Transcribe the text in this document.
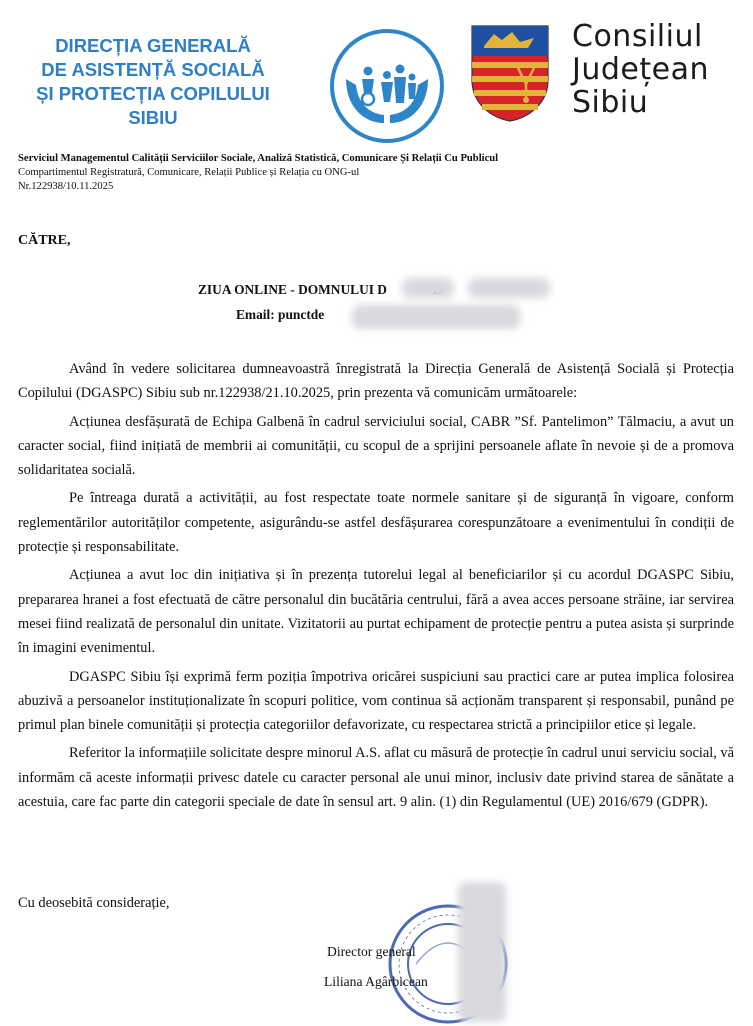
DIRECȚIA GENERALĂ
DE ASISTENȚĂ SOCIALĂ
ȘI PROTECȚIA COPILULUI
SIBIU
Consiliul
Județean
Sibiu
Serviciul Managementul Calității Serviciilor Sociale, Analiză Statistică, Comunicare Și Relații Cu Publicul
Compartimentul Registratură, Comunicare, Relații Publice și Relația cu ONG-ul
Nr.122938/10.11.2025
CĂTRE,
ZIUA ONLINE - DOMNULUI D
Email: punctde

Având în vedere solicitarea dumneavoastră înregistrată la Direcția Generală de Asistență Socială și Protecția Copilului (DGASPC) Sibiu sub nr.122938/21.10.2025, prin prezenta vă comunicăm următoarele:

Acțiunea desfășurată de Echipa Galbenă în cadrul serviciului social, CABR ”Sf. Pantelimon” Tălmaciu, a avut un caracter social, fiind inițiată de membrii ai comunității, cu scopul de a sprijini persoanele aflate în nevoie și de a promova solidaritatea socială.

Pe întreaga durată a activității, au fost respectate toate normele sanitare și de siguranță în vigoare, conform reglementărilor autorităților competente, asigurându-se astfel desfășurarea corespunzătoare a evenimentului în condiții de protecție și responsabilitate.

Acțiunea a avut loc din inițiativa și în prezența tutorelui legal al beneficiarilor și cu acordul DGASPC Sibiu, prepararea hranei a fost efectuată de către personalul din bucătăria centrului, fără a avea acces persoane străine, iar servirea mesei fiind realizată de personalul din unitate. Vizitatorii au purtat echipament de protecție pentru a putea asista și surprinde în imagini evenimentul.

DGASPC Sibiu își exprimă ferm poziția împotriva oricărei suspiciuni sau practici care ar putea implica folosirea abuzivă a persoanelor instituționalizate în scopuri politice, vom continua să acționăm transparent și responsabil, punând pe primul plan binele comunității și protecția categoriilor defavorizate, cu respectarea strictă a principiilor etice și legale.

Referitor la informațiile solicitate despre minorul A.S. aflat cu măsură de protecție în cadrul unui serviciu social, vă informăm că aceste informații privesc datele cu caracter personal ale unui minor, inclusiv date privind starea de sănătate a acestuia, care fac parte din categorii speciale de date în sensul art. 9 alin. (1) din Regulamentul (UE) 2016/679 (GDPR).

Cu deosebită considerație,
Director general
Liliana Agârbicean
